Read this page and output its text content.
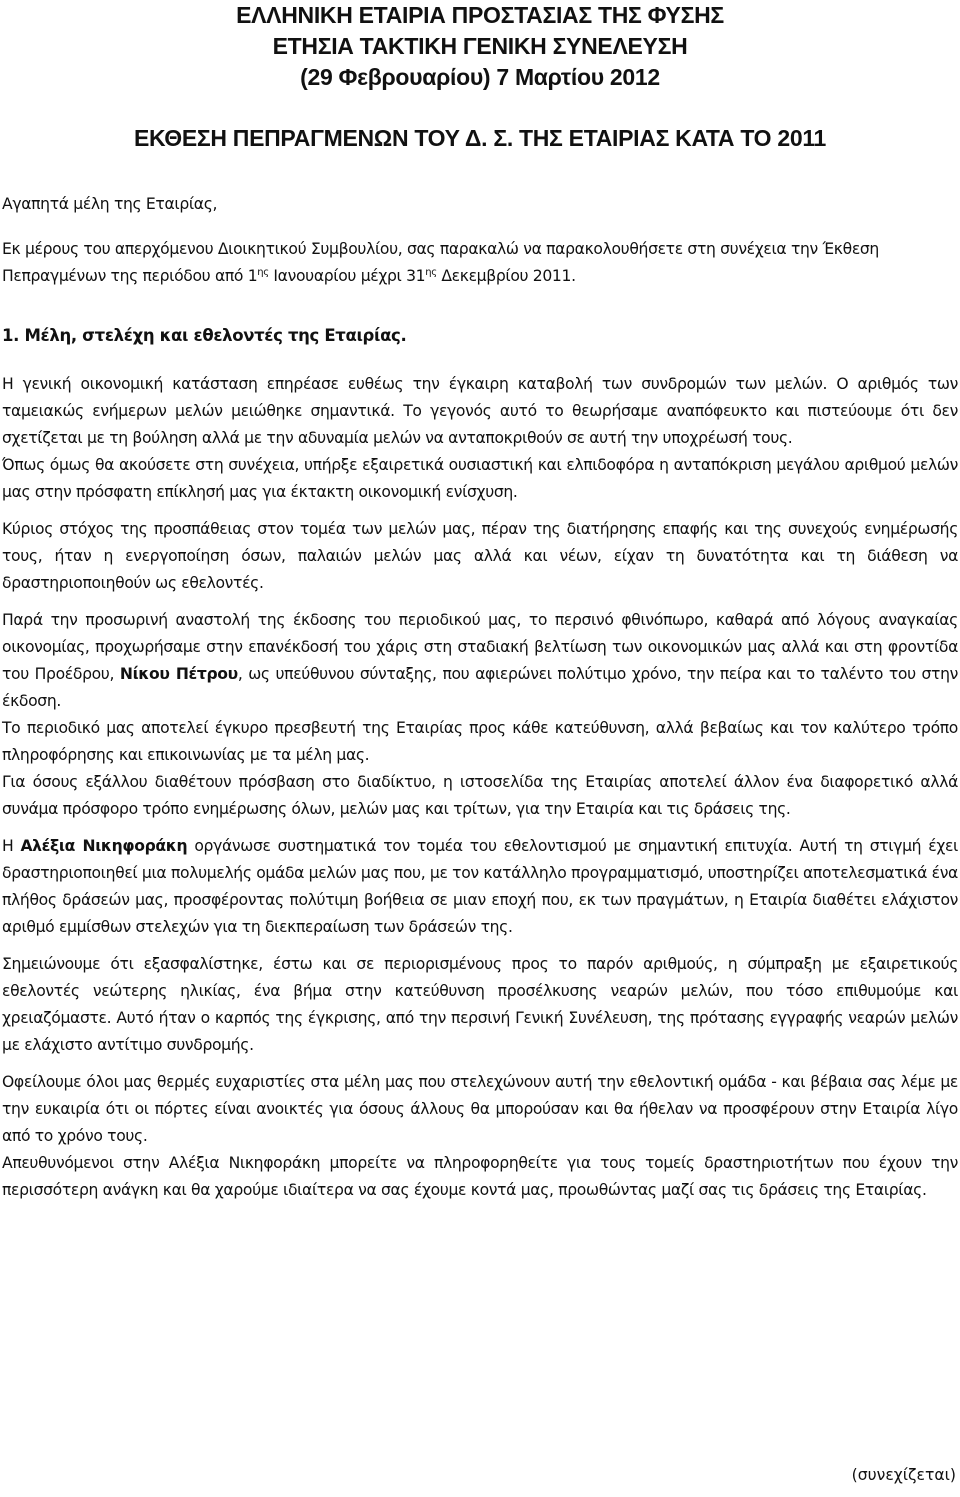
ΕΛΛΗΝΙΚΗ ΕΤΑΙΡΙΑ ΠΡΟΣΤΑΣΙΑΣ ΤΗΣ ΦΥΣΗΣ
ΕΤΗΣΙΑ ΤΑΚΤΙΚΗ ΓΕΝΙΚΗ ΣΥΝΕΛΕΥΣΗ
(29 Φεβρουαρίου) 7 Μαρτίου 2012
ΕΚΘΕΣΗ ΠΕΠΡΑΓΜΕΝΩΝ ΤΟΥ Δ. Σ. ΤΗΣ ΕΤΑΙΡΙΑΣ ΚΑΤΑ ΤΟ 2011
Αγαπητά μέλη της Εταιρίας,

Εκ μέρους του απερχόμενου Διοικητικού Συμβουλίου, σας παρακαλώ να παρακολουθήσετε στη συνέχεια την Έκθεση Πεπραγμένων της περιόδου από $1^{\eta\varsigma}$ Ιανουαρίου μέχρι $31^{\eta\varsigma}$ Δεκεμβρίου 2011.

1. Μέλη, στελέχη και εθελοντές της Εταιρίας.

Η γενική οικονομική κατάσταση επηρέασε ευθέως την έγκαιρη καταβολή των συνδρομών των μελών. Ο αριθμός των ταμειακώς ενήμερων μελών μειώθηκε σημαντικά. Το γεγονός αυτό το θεωρήσαμε αναπόφευκτο και πιστεύουμε ότι δεν σχετίζεται με τη βούληση αλλά με την αδυναμία μελών να ανταποκριθούν σε αυτή την υποχρέωσή τους.

Όπως όμως θα ακούσετε στη συνέχεια, υπήρξε εξαιρετικά ουσιαστική και ελπιδοφόρα η ανταπόκριση μεγάλου αριθμού μελών μας στην πρόσφατη επίκλησή μας για έκτακτη οικονομική ενίσχυση.

Κύριος στόχος της προσπάθειας στον τομέα των μελών μας, πέραν της διατήρησης επαφής και της συνεχούς ενημέρωσής τους, ήταν η ενεργοποίηση όσων, παλαιών μελών μας αλλά και νέων, είχαν τη δυνατότητα και τη διάθεση να δραστηριοποιηθούν ως εθελοντές.

Παρά την προσωρινή αναστολή της έκδοσης του περιοδικού μας, το περσινό φθινόπωρο, καθαρά από λόγους αναγκαίας οικονομίας, προχωρήσαμε στην επανέκδοσή του χάρις στη σταδιακή βελτίωση των οικονομικών μας αλλά και στη φροντίδα του Προέδρου, Νίκου Πέτρου, ως υπεύθυνου σύνταξης, που αφιερώνει πολύτιμο χρόνο, την πείρα και το ταλέντο του στην έκδοση.

Το περιοδικό μας αποτελεί έγκυρο πρεσβευτή της Εταιρίας προς κάθε κατεύθυνση, αλλά βεβαίως και τον καλύτερο τρόπο πληροφόρησης και επικοινωνίας με τα μέλη μας.

Για όσους εξάλλου διαθέτουν πρόσβαση στο διαδίκτυο, η ιστοσελίδα της Εταιρίας αποτελεί άλλον ένα διαφορετικό αλλά συνάμα πρόσφορο τρόπο ενημέρωσης όλων, μελών μας και τρίτων, για την Εταιρία και τις δράσεις της.

Η Αλέξια Νικηφοράκη οργάνωσε συστηματικά τον τομέα του εθελοντισμού με σημαντική επιτυχία. Αυτή τη στιγμή έχει δραστηριοποιηθεί μια πολυμελής ομάδα μελών μας που, με τον κατάλληλο προγραμματισμό, υποστηρίζει αποτελεσματικά ένα πλήθος δράσεών μας, προσφέροντας πολύτιμη βοήθεια σε μιαν εποχή που, εκ των πραγμάτων, η Εταιρία διαθέτει ελάχιστον αριθμό εμμίσθων στελεχών για τη διεκπεραίωση των δράσεών της.

Σημειώνουμε ότι εξασφαλίστηκε, έστω και σε περιορισμένους προς το παρόν αριθμούς, η σύμπραξη με εξαιρετικούς εθελοντές νεώτερης ηλικίας, ένα βήμα στην κατεύθυνση προσέλκυσης νεαρών μελών, που τόσο επιθυμούμε και χρειαζόμαστε. Αυτό ήταν ο καρπός της έγκρισης, από την περσινή Γενική Συνέλευση, της πρότασης εγγραφής νεαρών μελών με ελάχιστο αντίτιμο συνδρομής.

Οφείλουμε όλοι μας θερμές ευχαριστίες στα μέλη μας που στελεχώνουν αυτή την εθελοντική ομάδα - και βέβαια σας λέμε με την ευκαιρία ότι οι πόρτες είναι ανοικτές για όσους άλλους θα μπορούσαν και θα ήθελαν να προσφέρουν στην Εταιρία λίγο από το χρόνο τους.

Απευθυνόμενοι στην Αλέξια Νικηφοράκη μπορείτε να πληροφορηθείτε για τους τομείς δραστηριοτήτων που έχουν την περισσότερη ανάγκη και θα χαρούμε ιδιαίτερα να σας έχουμε κοντά μας, προωθώντας μαζί σας τις δράσεις της Εταιρίας.

(συνεχίζεται)
